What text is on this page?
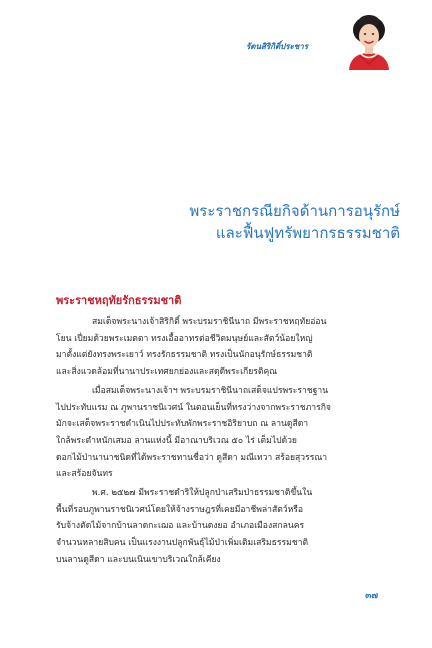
รัตนสิริกิติ์ประชาร
พระราชกรณียกิจด้านการอนุรักษ์
และฟื้นฟูทรัพยากรธรรมชาติ
พระราชหฤทัยรักธรรมชาติ

สมเด็จพระนางเจ้าสิริกิติ์ พระบรมราชินีนาถ มีพระราชหฤทัยอ่อน

โยน เปี่ยมด้วยพระเมตตา ทรงเอื้ออาทรต่อชีวิตมนุษย์และสัตว์น้อยใหญ่

มาตั้งแต่ยังทรงพระเยาว์ ทรงรักธรรมชาติ ทรงเป็นนักอนุรักษ์ธรรมชาติ

และสิ่งแวดล้อมที่นานาประเทศยกย่องและสดุดีพระเกียรติคุณ

เมื่อสมเด็จพระนางเจ้าฯ พระบรมราชินีนาถเสด็จแปรพระราชฐาน

ไปประทับแรม ณ ภูพานราชนิเวศน์ ในตอนเย็นที่ทรงว่างจากพระราชภารกิจ

มักจะเสด็จพระราชดำเนินไปประทับพักพระราชอิริยาบถ ณ ลานดูสีดา

ใกล้พระตำหนักเสมอ ลานแห่งนี้ มีอาณาบริเวณ ๕๐ ไร่ เต็มไปด้วย

ดอกไม้ป่านานาชนิดที่ได้พระราชทานชื่อว่า ดูสีดา มณีเทวา สร้อยสุวรรณา

และสร้อยจันทร

พ.ศ. ๒๕๒๗ มีพระราชดำริให้ปลูกป่าเสริมป่าธรรมชาติขึ้นใน

พื้นที่รอบภูพานราชนิเวศน์โดยให้จ้างราษฎรที่เคยมีอาชีพล่าสัตว์หรือ

รับจ้างตัดไม้จากบ้านลาดกะเฌอ และบ้านดงยอ อำเภอเมืองสกลนคร

จำนวนหลายสิบคน เป็นแรงงานปลูกพันธุ์ไม้ป่าเพิ่มเติมเสริมธรรมชาติ

บนลานดูสีดา และบนเนินเขาบริเวณใกล้เคียง

๓๗
